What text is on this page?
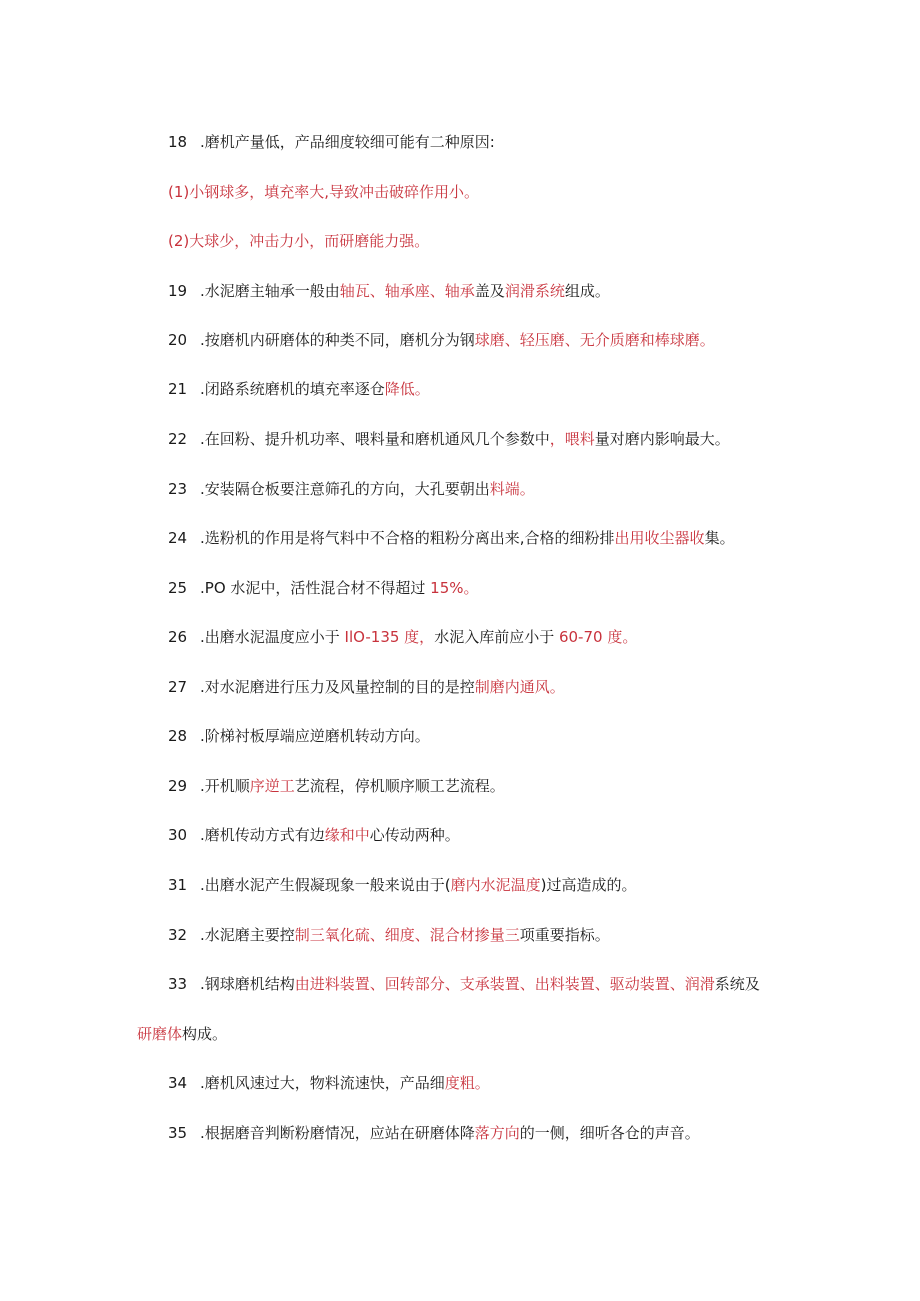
18 .磨机产量低，产品细度较细可能有二种原因:
(1)小钢球多，填充率大,导致冲击破碎作用小。
(2)大球少，冲击力小，而研磨能力强。
19 .水泥磨主轴承一般由轴瓦、轴承座、轴承盖及润滑系统组成。
20 .按磨机内研磨体的种类不同，磨机分为钢球磨、轻压磨、无介质磨和棒球磨。
21 .闭路系统磨机的填充率逐仓降低。
22 .在回粉、提升机功率、喂料量和磨机通风几个参数中，喂料量对磨内影响最大。
23 .安装隔仓板要注意筛孔的方向，大孔要朝出料端。
24 .选粉机的作用是将气料中不合格的粗粉分离出来,合格的细粉排出用收尘器收集。
25 .PO 水泥中，活性混合材不得超过 15%。
26 .出磨水泥温度应小于 IlO-135 度，水泥入库前应小于 60-70 度。
27 .对水泥磨进行压力及风量控制的目的是控制磨内通风。
28 .阶梯衬板厚端应逆磨机转动方向。
29 .开机顺序逆工艺流程，停机顺序顺工艺流程。
30 .磨机传动方式有边缘和中心传动两种。
31 .出磨水泥产生假凝现象一般来说由于(磨内水泥温度)过高造成的。
32 .水泥磨主要控制三氧化硫、细度、混合材掺量三项重要指标。
33 .钢球磨机结构由进料装置、回转部分、支承装置、出料装置、驱动装置、润滑系统及
研磨体构成。
34 .磨机风速过大，物料流速快，产品细度粗。
35 .根据磨音判断粉磨情况，应站在研磨体降落方向的一侧，细听各仓的声音。
